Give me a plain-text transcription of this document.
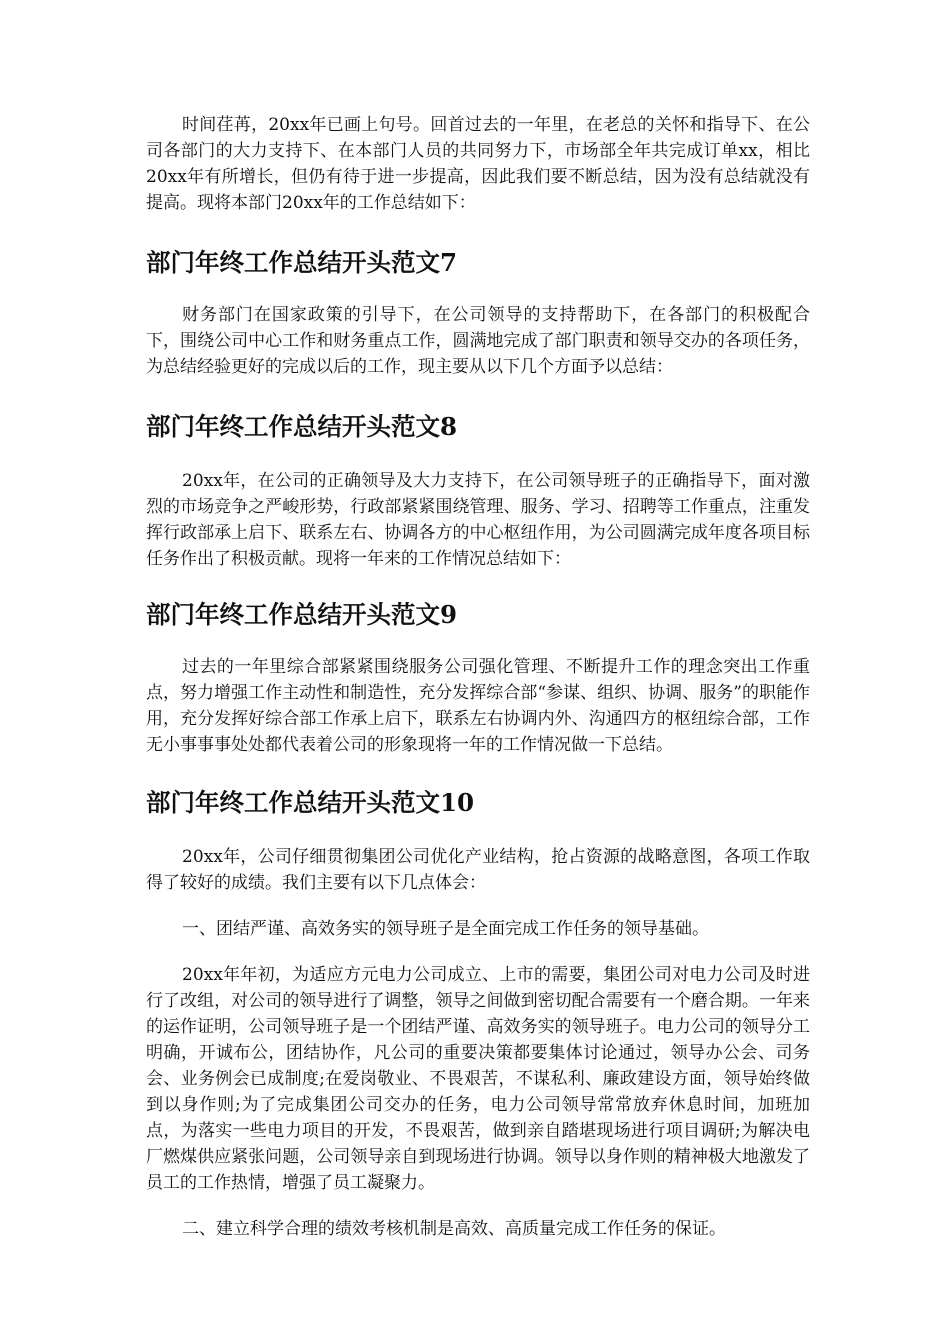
时间荏苒，20xx年已画上句号。回首过去的一年里，在老总的关怀和指导下、在公司各部门的大力支持下、在本部门人员的共同努力下，市场部全年共完成订单xx，相比20xx年有所增长，但仍有待于进一步提高，因此我们要不断总结，因为没有总结就没有提高。现将本部门20xx年的工作总结如下：

部门年终工作总结开头范文7

财务部门在国家政策的引导下，在公司领导的支持帮助下，在各部门的积极配合下，围绕公司中心工作和财务重点工作，圆满地完成了部门职责和领导交办的各项任务，为总结经验更好的完成以后的工作，现主要从以下几个方面予以总结：

部门年终工作总结开头范文8

20xx年，在公司的正确领导及大力支持下，在公司领导班子的正确指导下，面对激烈的市场竞争之严峻形势，行政部紧紧围绕管理、服务、学习、招聘等工作重点，注重发挥行政部承上启下、联系左右、协调各方的中心枢纽作用，为公司圆满完成年度各项目标任务作出了积极贡献。现将一年来的工作情况总结如下：

部门年终工作总结开头范文9

过去的一年里综合部紧紧围绕服务公司强化管理、不断提升工作的理念突出工作重点，努力增强工作主动性和制造性，充分发挥综合部“参谋、组织、协调、服务”的职能作用，充分发挥好综合部工作承上启下，联系左右协调内外、沟通四方的枢纽综合部，工作无小事事事处处都代表着公司的形象现将一年的工作情况做一下总结。

部门年终工作总结开头范文10

20xx年，公司仔细贯彻集团公司优化产业结构，抢占资源的战略意图，各项工作取得了较好的成绩。我们主要有以下几点体会：

一、团结严谨、高效务实的领导班子是全面完成工作任务的领导基础。

20xx年年初，为适应方元电力公司成立、上市的需要，集团公司对电力公司及时进行了改组，对公司的领导进行了调整，领导之间做到密切配合需要有一个磨合期。一年来的运作证明，公司领导班子是一个团结严谨、高效务实的领导班子。电力公司的领导分工明确，开诚布公，团结协作，凡公司的重要决策都要集体讨论通过，领导办公会、司务会、业务例会已成制度;在爱岗敬业、不畏艰苦，不谋私利、廉政建设方面，领导始终做到以身作则;为了完成集团公司交办的任务，电力公司领导常常放弃休息时间，加班加点，为落实一些电力项目的开发，不畏艰苦，做到亲自踏堪现场进行项目调研;为解决电厂燃煤供应紧张问题，公司领导亲自到现场进行协调。领导以身作则的精神极大地激发了员工的工作热情，增强了员工凝聚力。

二、建立科学合理的绩效考核机制是高效、高质量完成工作任务的保证。
